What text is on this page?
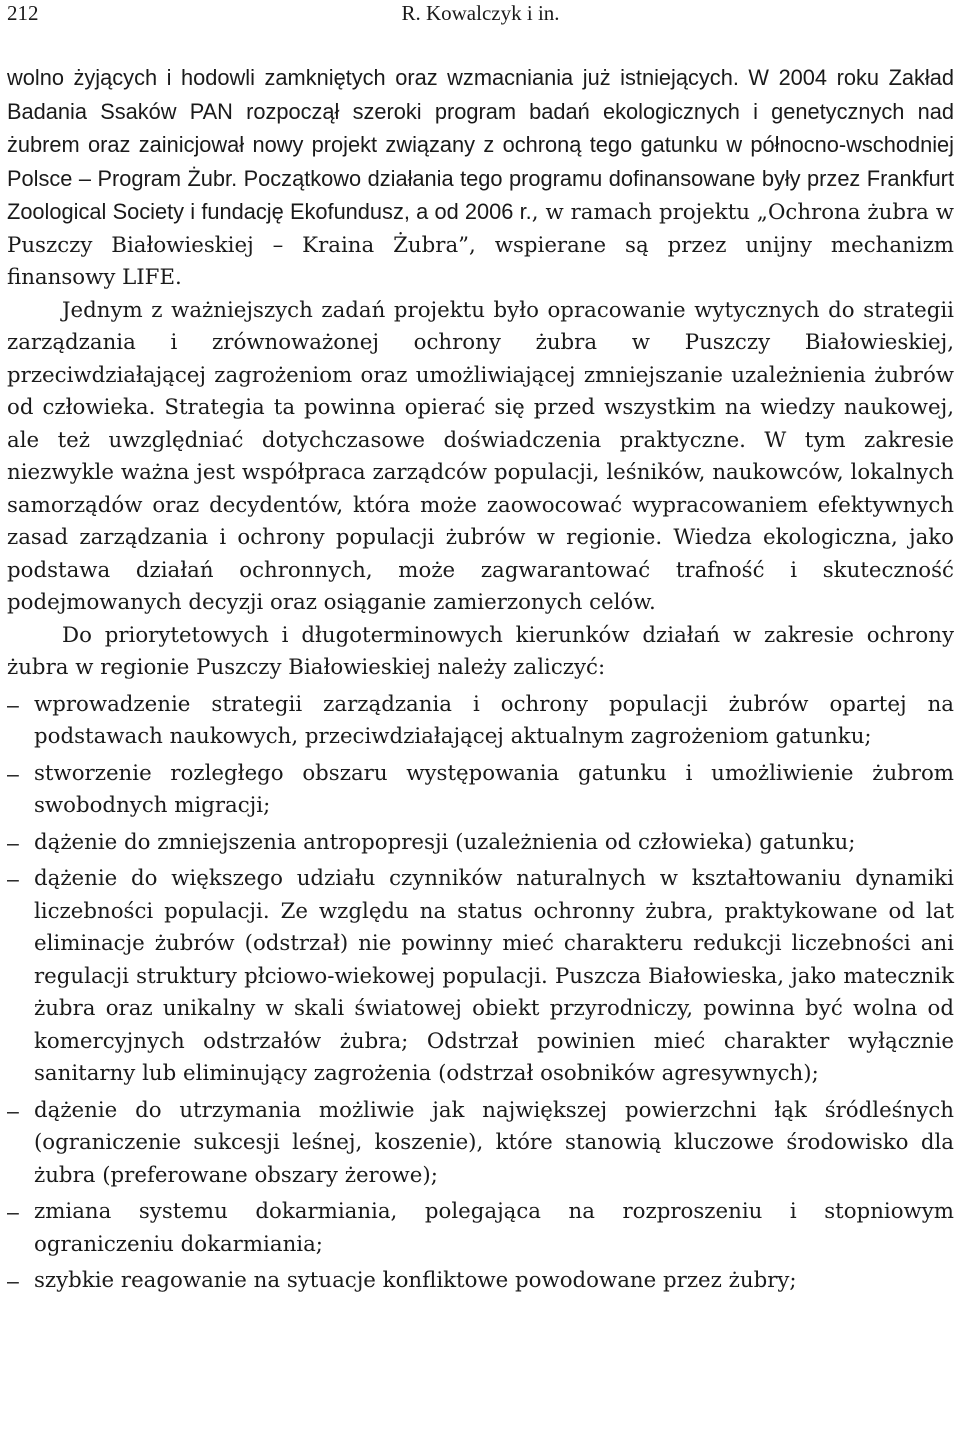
212	R. Kowalczyk i in.

wolno żyjących i hodowli zamkniętych oraz wzmacniania już istniejących. W 2004 roku Zakład Badania Ssaków PAN rozpoczął szeroki program badań ekologicznych i genetycznych nad żubrem oraz zainicjował nowy projekt związany z ochroną tego gatunku w północno-wschodniej Polsce – Program Żubr. Początkowo działania tego programu dofinansowane były przez Frankfurt Zoological Society i fundację Ekofundusz, a od 2006 r., w ramach projektu „Ochrona żubra w Puszczy Białowieskiej – Kraina Żubra”, wspierane są przez unijny mechanizm finansowy LIFE.

Jednym z ważniejszych zadań projektu było opracowanie wytycznych do strategii zarządzania i zrównoważonej ochrony żubra w Puszczy Białowieskiej, przeciwdziałającej zagrożeniom oraz umożliwiającej zmniejszanie uzależnienia żubrów od człowieka. Strategia ta powinna opierać się przed wszystkim na wiedzy naukowej, ale też uwzględniać dotychczasowe doświadczenia praktyczne. W tym zakresie niezwykle ważna jest współpraca zarządców populacji, leśników, naukowców, lokalnych samorządów oraz decydentów, która może zaowocować wypracowaniem efektywnych zasad zarządzania i ochrony populacji żubrów w regionie. Wiedza ekologiczna, jako podstawa działań ochronnych, może zagwarantować trafność i skuteczność podejmowanych decyzji oraz osiąganie zamierzonych celów.

Do priorytetowych i długoterminowych kierunków działań w zakresie ochrony żubra w regionie Puszczy Białowieskiej należy zaliczyć:

– wprowadzenie strategii zarządzania i ochrony populacji żubrów opartej na podstawach naukowych, przeciwdziałającej aktualnym zagrożeniom gatunku;
– stworzenie rozległego obszaru występowania gatunku i umożliwienie żubrom swobodnych migracji;
– dążenie do zmniejszenia antropopresji (uzależnienia od człowieka) gatunku;
– dążenie do większego udziału czynników naturalnych w kształtowaniu dynamiki liczebności populacji. Ze względu na status ochronny żubra, praktykowane od lat eliminacje żubrów (odstrzał) nie powinny mieć charakteru redukcji liczebności ani regulacji struktury płciowo-wiekowej populacji. Puszcza Białowieska, jako matecznik żubra oraz unikalny w skali światowej obiekt przyrodniczy, powinna być wolna od komercyjnych odstrzałów żubra; Odstrzał powinien mieć charakter wyłącznie sanitarny lub eliminujący zagrożenia (odstrzał osobników agresywnych);
– dążenie do utrzymania możliwie jak największej powierzchni łąk śródleśnych (ograniczenie sukcesji leśnej, koszenie), które stanowią kluczowe środowisko dla żubra (preferowane obszary żerowe);
– zmiana systemu dokarmiania, polegająca na rozproszeniu i stopniowym ograniczeniu dokarmiania;
– szybkie reagowanie na sytuacje konfliktowe powodowane przez żubry;
